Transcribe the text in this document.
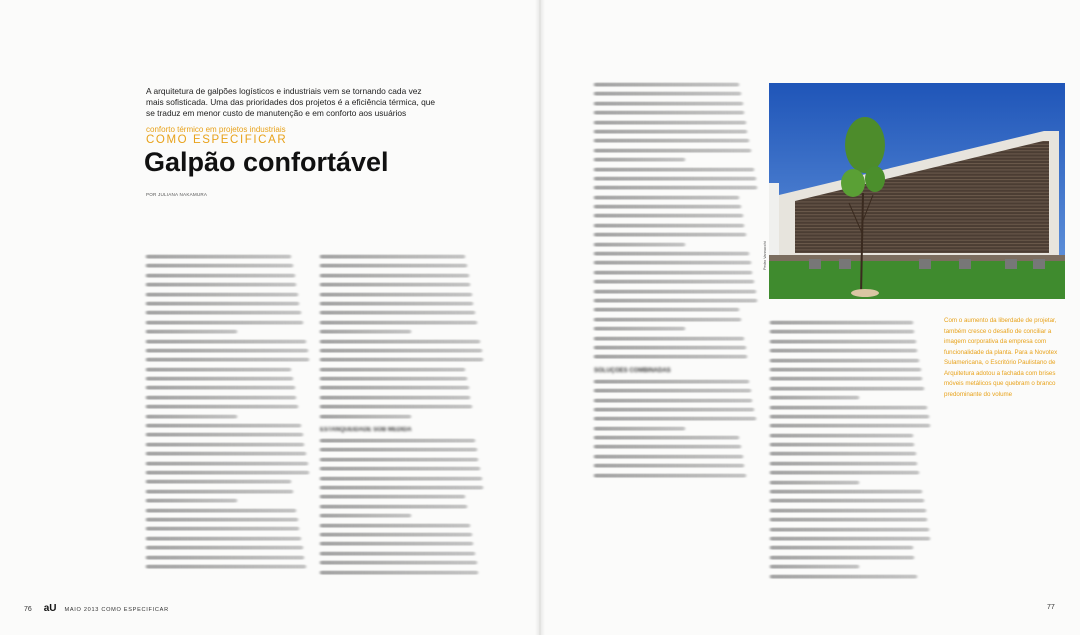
A arquitetura de galpões logísticos e industriais vem se tornando cada vez mais sofisticada. Uma das prioridades dos projetos é a eficiência térmica, que se traduz em menor custo de manutenção e em conforto aos usuários
conforto térmico em projetos industriais
COMO ESPECIFICAR
Galpão confortável
POR JULIANA NAKAMURA
ESTANQUEIDADE SOB MEDIDA
SOLUÇÕES COMBINADAS
Pedro Vannucchi
Com o aumento da liberdade de projetar, também cresce o desafio de conciliar a imagem corporativa da empresa com funcionalidade da planta. Para a Novotex Sulamericana, o Escritório Paulistano de Arquitetura adotou a fachada com brises móveis metálicos que quebram o branco predominante do volume
76 aU MAIO 2013 COMO ESPECIFICAR	77
